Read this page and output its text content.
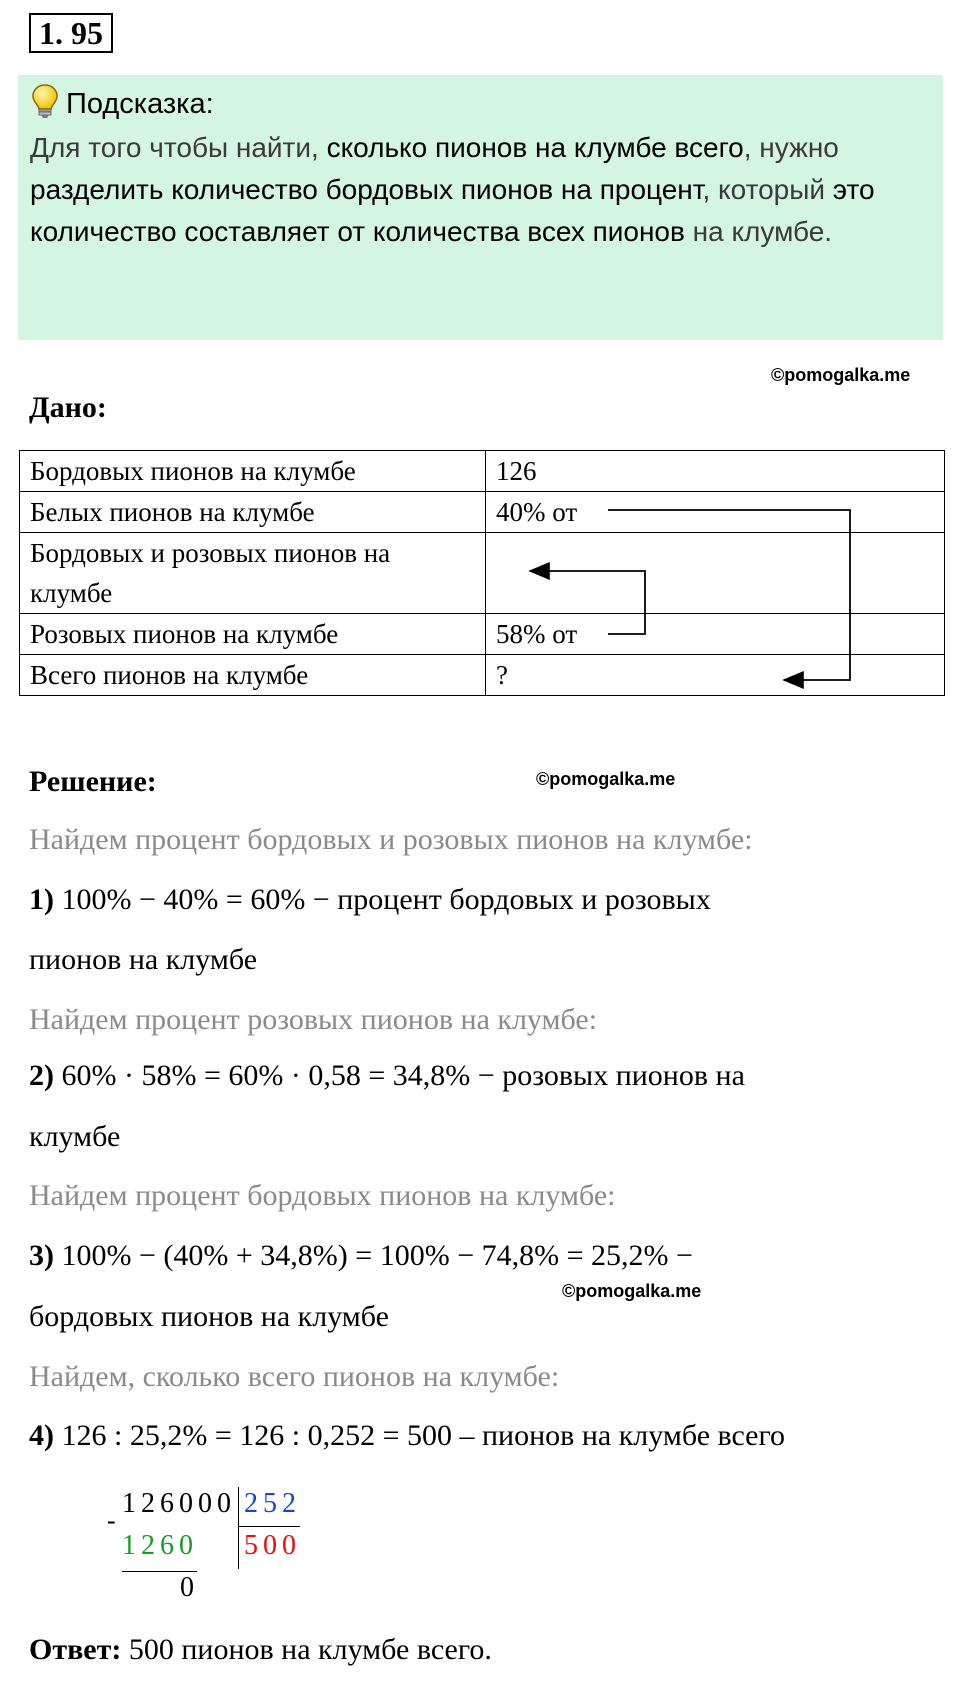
1. 95
Подсказка:
Для того чтобы найти, сколько пионов на клумбе всего, нужно разделить количество бордовых пионов на процент, который это количество составляет от количества всех пионов на клумбе.
©pomogalka.me
Дано:
Бордовых пионов на клумбе	126
Белых пионов на клумбе	40% от
Бордовых и розовых пионов на клумбе	
Розовых пионов на клумбе	58% от
Всего пионов на клумбе	?
Решение:	©pomogalka.me
Найдем процент бордовых и розовых пионов на клумбе:
1) 100% − 40% = 60% − процент бордовых и розовых
пионов на клумбе
Найдем процент розовых пионов на клумбе:
2) 60% · 58% = 60% · 0,58 = 34,8% − розовых пионов на
клумбе
Найдем процент бордовых пионов на клумбе:
3) 100% − (40% + 34,8%) = 100% − 74,8% = 25,2% −
©pomogalka.me
бордовых пионов на клумбе
Найдем, сколько всего пионов на клумбе:
4) 126 : 25,2% = 126 : 0,252 = 500 – пионов на клумбе всего
126000
-
1260
0
252
500
Ответ: 500 пионов на клумбе всего.
